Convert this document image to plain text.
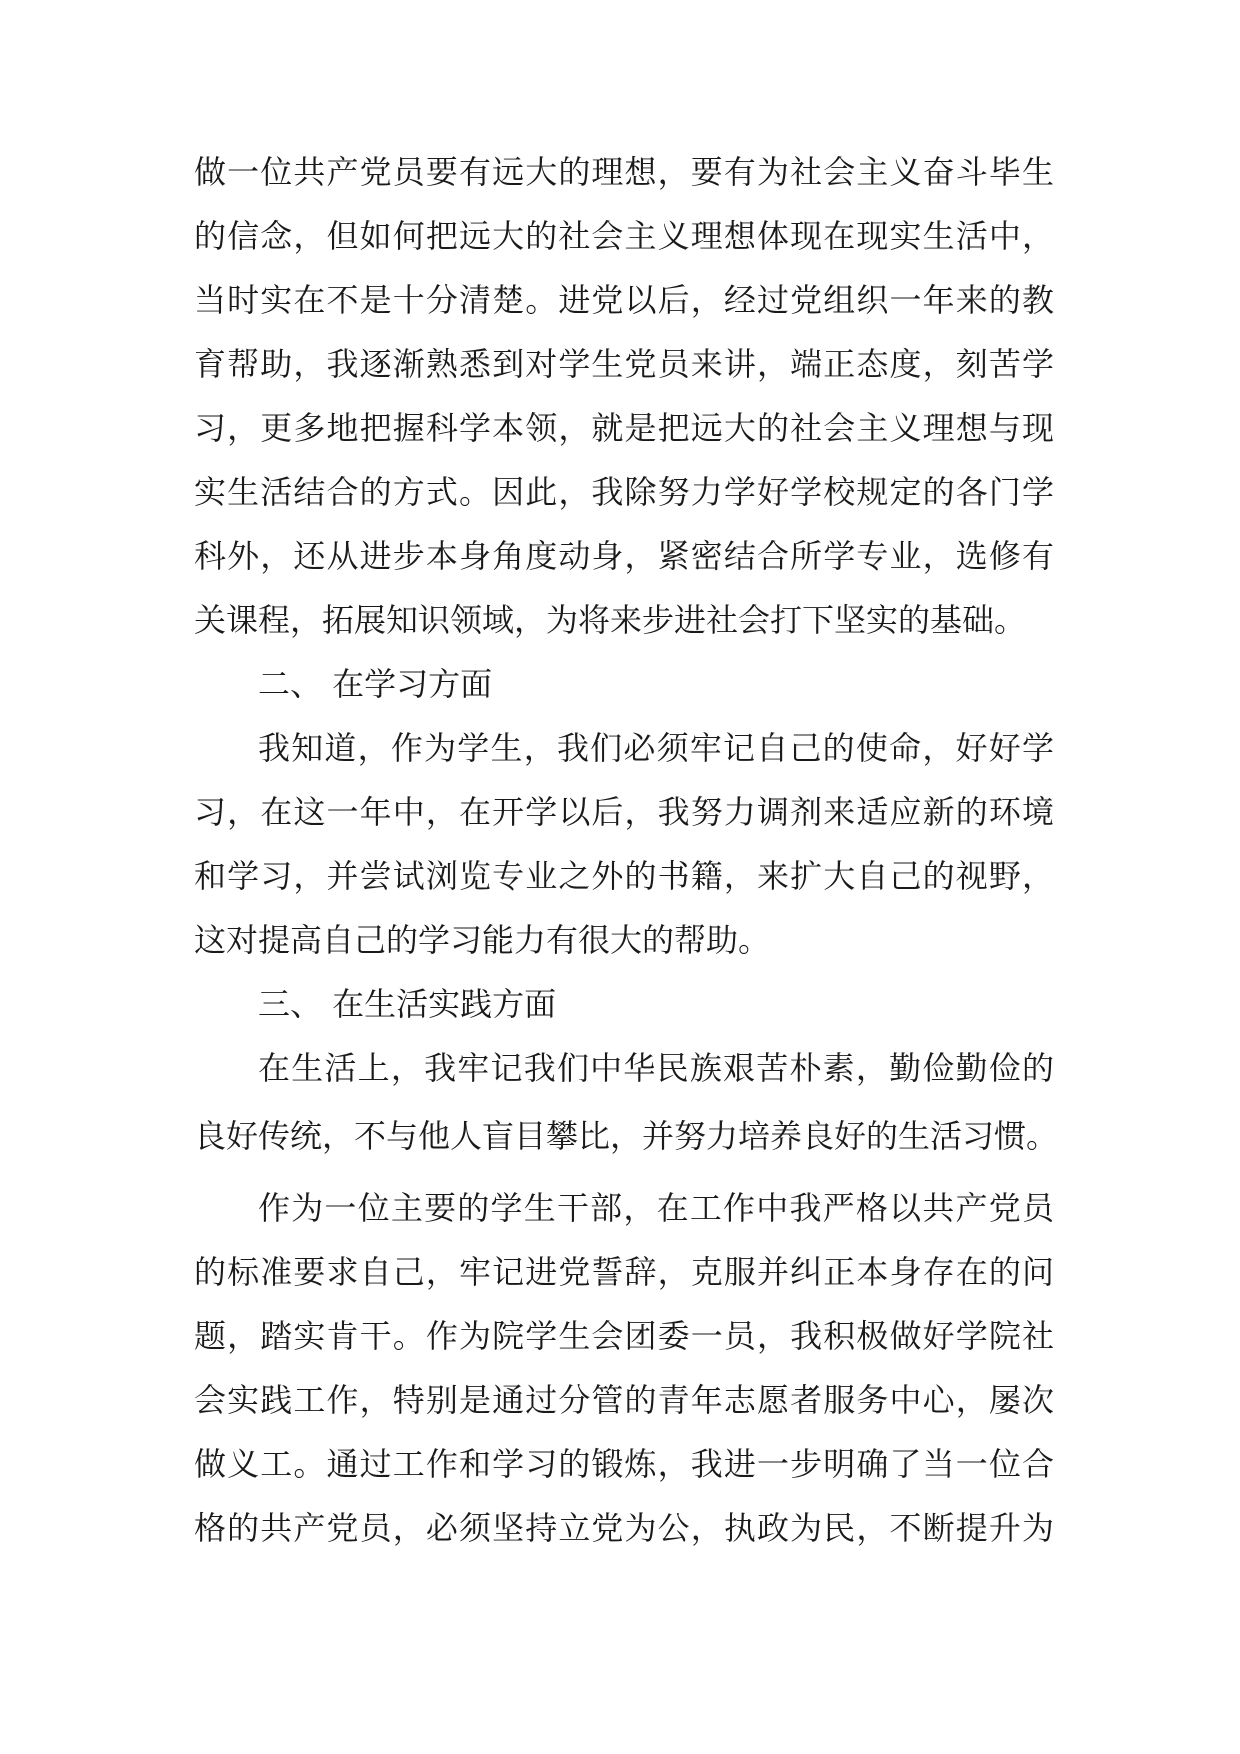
做一位共产党员要有远大的理想，要有为社会主义奋斗毕生
的信念，但如何把远大的社会主义理想体现在现实生活中，
当时实在不是十分清楚。进党以后，经过党组织一年来的教
育帮助，我逐渐熟悉到对学生党员来讲，端正态度，刻苦学
习，更多地把握科学本领，就是把远大的社会主义理想与现
实生活结合的方式。因此，我除努力学好学校规定的各门学
科外，还从进步本身角度动身，紧密结合所学专业，选修有
关课程，拓展知识领域，为将来步进社会打下坚实的基础。
二、 在学习方面
我知道，作为学生，我们必须牢记自己的使命，好好学
习，在这一年中，在开学以后，我努力调剂来适应新的环境
和学习，并尝试浏览专业之外的书籍，来扩大自己的视野，
这对提高自己的学习能力有很大的帮助。
三、 在生活实践方面
在生活上，我牢记我们中华民族艰苦朴素，勤俭勤俭的
良好传统，不与他人盲目攀比，并努力培养良好的生活习惯。
作为一位主要的学生干部，在工作中我严格以共产党员
的标准要求自己，牢记进党誓辞，克服并纠正本身存在的问
题，踏实肯干。作为院学生会团委一员，我积极做好学院社
会实践工作，特别是通过分管的青年志愿者服务中心，屡次
做义工。通过工作和学习的锻炼，我进一步明确了当一位合
格的共产党员，必须坚持立党为公，执政为民，不断提升为
